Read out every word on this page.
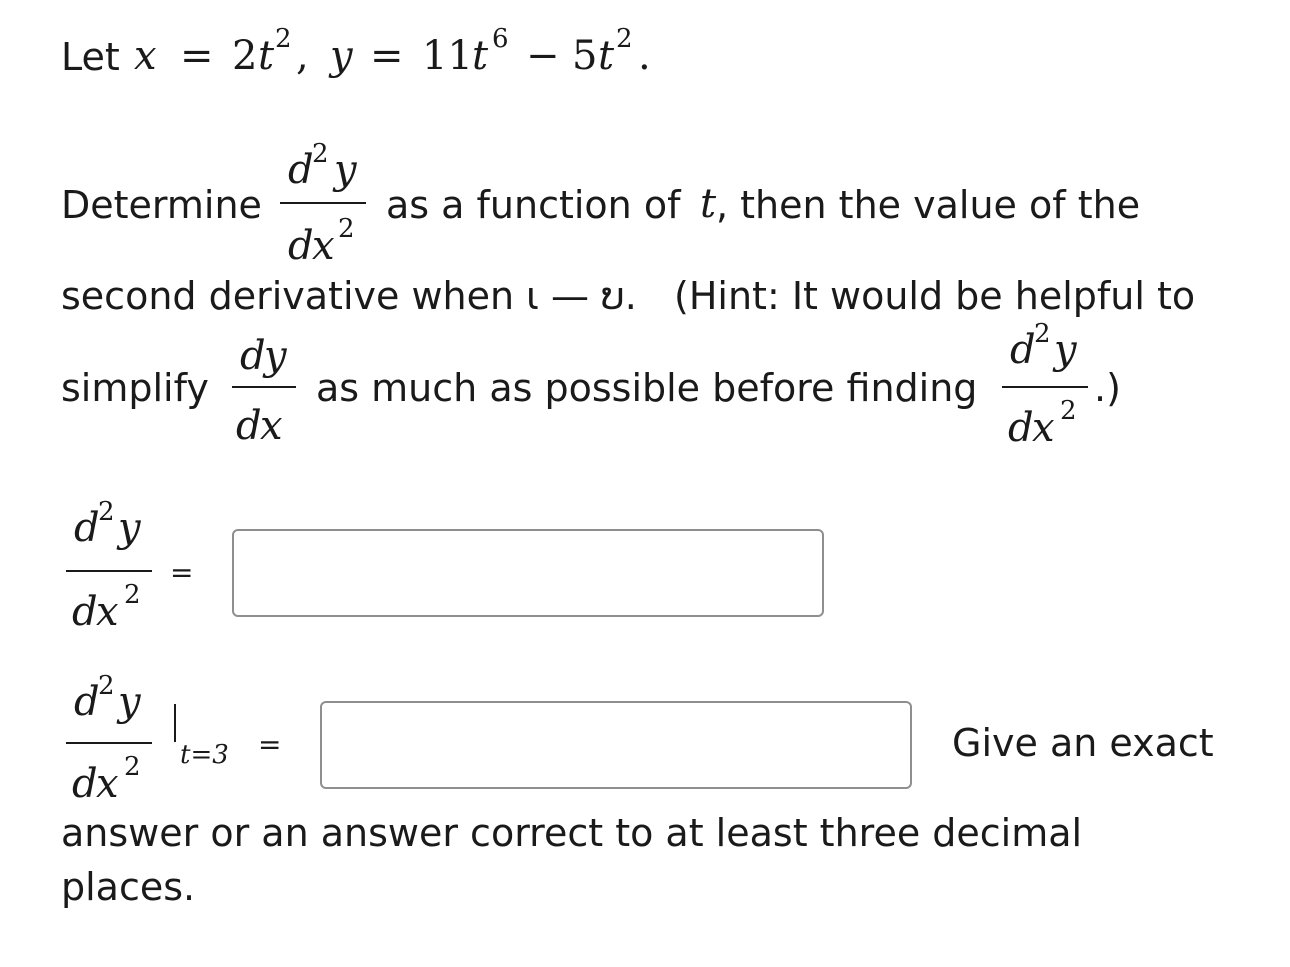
Let x = 2 t 2 , y = 11 t 6 − 5 t 2 .
Determine
d
2 y
d
x 2
as a function of t , then the value of the
second derivative when ι — ບ. (Hint: It would be helpful to
simplify
d
y
d
x
as much as possible before finding
d
2 y
d
x 2
.)
d
2 y
d
x 2
=
d
2 y
d
x 2 t=3 =	Give an exact
answer or an answer correct to at least three decimal
places.
